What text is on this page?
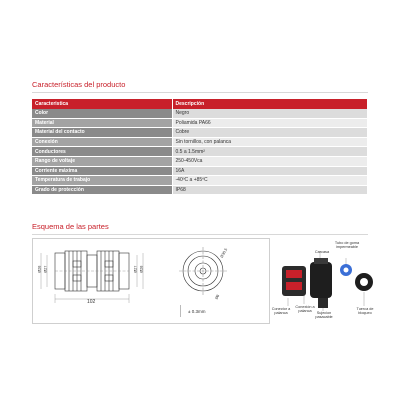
Características del producto
Caracteristica	Descripción
Color	Negro
Material	Poliamida PA66
Material del contacto	Cobre
Conexión	Sin tornillos, con palanca
Conductores	0.5 a 1.5mm²
Rango de voltaje	250-450Vca
Corriente máxima	16A
Temperatura de trabajo	-40ºC a +85ºC
Grado de protección	IP68
Esquema de las partes
Ø28 Ø27	Ø27 Ø28
102
Ø30.5
Ø6
± 0.3mm
Carcasa
Tubo de goma impermeable
Conector a palanca
Conexión a palanca	Sujecion pasacable
Tuerca de bloqueo
